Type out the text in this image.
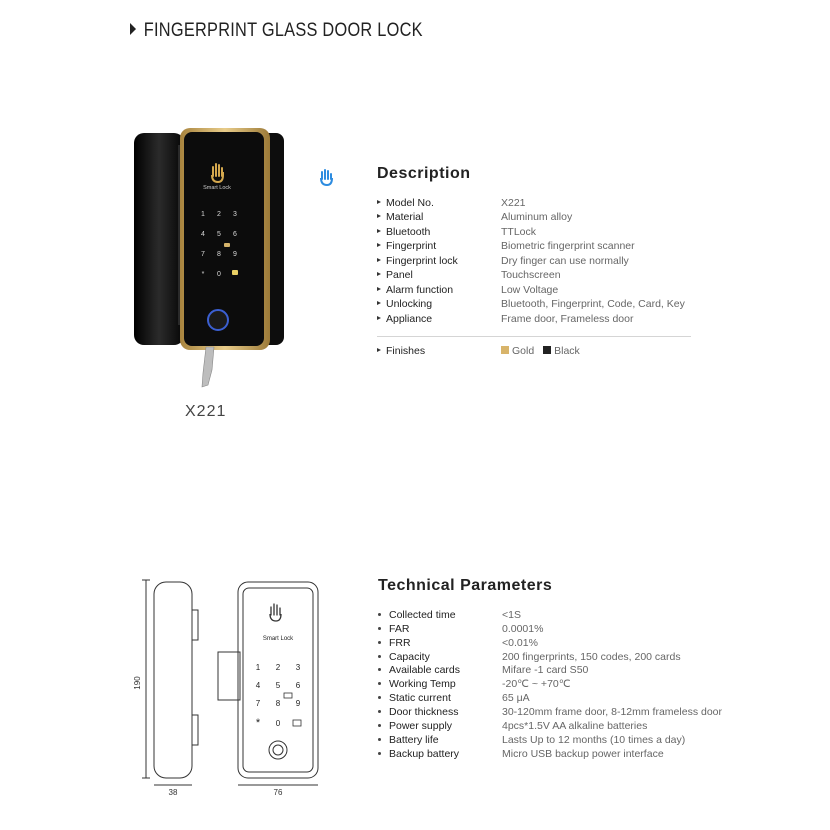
FINGERPRINT GLASS DOOR LOCK
Smart Lock
1 2 3
4 5 6
7 8 9
* 0
X221
Description
Model No.	X221
Material	Aluminum alloy
Bluetooth	TTLock
Fingerprint	Biometric fingerprint scanner
Fingerprint lock	Dry finger can use normally
Panel	Touchscreen
Alarm function	Low Voltage
Unlocking	Bluetooth, Fingerprint, Code, Card, Key
Appliance	Frame door, Frameless door
Finishes	Gold Black
Smart Lock
1 2 3
4 5 6
7 8 9
* 0
190
38	76
Technical Parameters
Collected time	<1S
FAR	0.0001%
FRR	<0.01%
Capacity	200 fingerprints, 150 codes, 200 cards
Available cards	Mifare -1 card S50
Working Temp	-20℃ ~ +70℃
Static current	65 μA
Door thickness	30-120mm frame door, 8-12mm frameless door
Power supply	4pcs*1.5V AA alkaline batteries
Battery life	Lasts Up to 12 months (10 times a day)
Backup battery	Micro USB backup power interface
